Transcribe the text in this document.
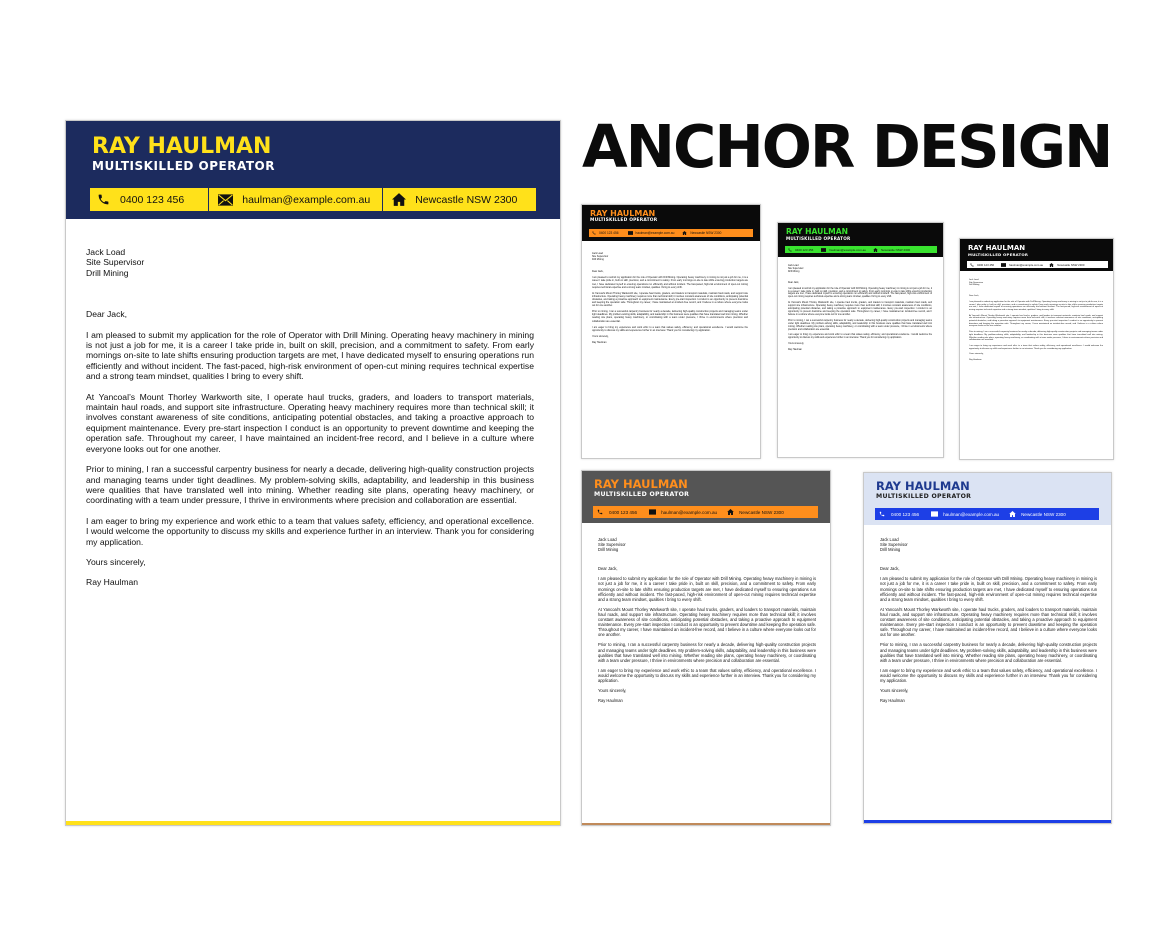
ANCHOR DESIGN
RAY HAULMAN
MULTISKILLED OPERATOR
0400 123 456	haulman@example.com.au	Newcastle NSW 2300

Jack Load

Site Supervisor

Drill Mining

Dear Jack,

I am pleased to submit my application for the role of Operator with Drill Mining. Operating heavy machinery in mining is not just a job for me, it is a career I take pride in, built on skill, precision, and a commitment to safety. From early mornings on-site to late shifts ensuring production targets are met, I have dedicated myself to ensuring operations run efficiently and without incident. The fast-paced, high-risk environment of open-cut mining requires technical expertise and a strong team mindset, qualities I bring to every shift.

At Yancoal’s Mount Thorley Warkworth site, I operate haul trucks, graders, and loaders to transport materials, maintain haul roads, and support site infrastructure. Operating heavy machinery requires more than technical skill; it involves constant awareness of site conditions, anticipating potential obstacles, and taking a proactive approach to equipment maintenance. Every pre-start inspection I conduct is an opportunity to prevent downtime and keeping the operation safe. Throughout my career, I have maintained an incident-free record, and I believe in a culture where everyone looks out for one another.

Prior to mining, I ran a successful carpentry business for nearly a decade, delivering high-quality construction projects and managing teams under tight deadlines. My problem-solving skills, adaptability, and leadership in this business were qualities that have translated well into mining. Whether reading site plans, operating heavy machinery, or coordinating with a team under pressure, I thrive in environments where precision and collaboration are essential.

I am eager to bring my experience and work ethic to a team that values safety, efficiency, and operational excellence. I would welcome the opportunity to discuss my skills and experience further in an interview. Thank you for considering my application.

Yours sincerely,

Ray Haulman

RAY HAULMAN
MULTISKILLED OPERATOR
0400 123 456	haulman@example.com.au	Newcastle NSW 2300

Jack Load

Site Supervisor

Drill Mining

Dear Jack,

I am pleased to submit my application for the role of Operator with Drill Mining. Operating heavy machinery in mining is not just a job for me, it is a career I take pride in, built on skill, precision, and a commitment to safety. From early mornings on-site to late shifts ensuring production targets are met, I have dedicated myself to ensuring operations run efficiently and without incident. The fast-paced, high-risk environment of open-cut mining requires technical expertise and a strong team mindset, qualities I bring to every shift.

At Yancoal’s Mount Thorley Warkworth site, I operate haul trucks, graders, and loaders to transport materials, maintain haul roads, and support site infrastructure. Operating heavy machinery requires more than technical skill; it involves constant awareness of site conditions, anticipating potential obstacles, and taking a proactive approach to equipment maintenance. Every pre-start inspection I conduct is an opportunity to prevent downtime and keeping the operation safe. Throughout my career, I have maintained an incident-free record, and I believe in a culture where everyone looks out for one another.

Prior to mining, I ran a successful carpentry business for nearly a decade, delivering high-quality construction projects and managing teams under tight deadlines. My problem-solving skills, adaptability, and leadership in this business were qualities that have translated well into mining. Whether reading site plans, operating heavy machinery, or coordinating with a team under pressure, I thrive in environments where precision and collaboration are essential.

I am eager to bring my experience and work ethic to a team that values safety, efficiency, and operational excellence. I would welcome the opportunity to discuss my skills and experience further in an interview. Thank you for considering my application.

Yours sincerely,

Ray Haulman

RAY HAULMAN
MULTISKILLED OPERATOR
0400 123 456	haulman@example.com.au	Newcastle NSW 2300

Jack Load

Site Supervisor

Drill Mining

Dear Jack,

I am pleased to submit my application for the role of Operator with Drill Mining. Operating heavy machinery in mining is not just a job for me, it is a career I take pride in, built on skill, precision, and a commitment to safety. From early mornings on-site to late shifts ensuring production targets are met, I have dedicated myself to ensuring operations run efficiently and without incident. The fast-paced, high-risk environment of open-cut mining requires technical expertise and a strong team mindset, qualities I bring to every shift.

At Yancoal’s Mount Thorley Warkworth site, I operate haul trucks, graders, and loaders to transport materials, maintain haul roads, and support site infrastructure. Operating heavy machinery requires more than technical skill; it involves constant awareness of site conditions, anticipating potential obstacles, and taking a proactive approach to equipment maintenance. Every pre-start inspection I conduct is an opportunity to prevent downtime and keeping the operation safe. Throughout my career, I have maintained an incident-free record, and I believe in a culture where everyone looks out for one another.

Prior to mining, I ran a successful carpentry business for nearly a decade, delivering high-quality construction projects and managing teams under tight deadlines. My problem-solving skills, adaptability, and leadership in this business were qualities that have translated well into mining. Whether reading site plans, operating heavy machinery, or coordinating with a team under pressure, I thrive in environments where precision and collaboration are essential.

I am eager to bring my experience and work ethic to a team that values safety, efficiency, and operational excellence. I would welcome the opportunity to discuss my skills and experience further in an interview. Thank you for considering my application.

Yours sincerely,

Ray Haulman

RAY HAULMAN
MULTISKILLED OPERATOR
0400 123 456	haulman@example.com.au	Newcastle NSW 2300

Jack Load

Site Supervisor

Drill Mining

Dear Jack,

I am pleased to submit my application for the role of Operator with Drill Mining. Operating heavy machinery in mining is not just a job for me, it is a career I take pride in, built on skill, precision, and a commitment to safety. From early mornings on-site to late shifts ensuring production targets are met, I have dedicated myself to ensuring operations run efficiently and without incident. The fast-paced, high-risk environment of open-cut mining requires technical expertise and a strong team mindset, qualities I bring to every shift.

At Yancoal’s Mount Thorley Warkworth site, I operate haul trucks, graders, and loaders to transport materials, maintain haul roads, and support site infrastructure. Operating heavy machinery requires more than technical skill; it involves constant awareness of site conditions, anticipating potential obstacles, and taking a proactive approach to equipment maintenance. Every pre-start inspection I conduct is an opportunity to prevent downtime and keeping the operation safe. Throughout my career, I have maintained an incident-free record, and I believe in a culture where everyone looks out for one another.

Prior to mining, I ran a successful carpentry business for nearly a decade, delivering high-quality construction projects and managing teams under tight deadlines. My problem-solving skills, adaptability, and leadership in this business were qualities that have translated well into mining. Whether reading site plans, operating heavy machinery, or coordinating with a team under pressure, I thrive in environments where precision and collaboration are essential.

I am eager to bring my experience and work ethic to a team that values safety, efficiency, and operational excellence. I would welcome the opportunity to discuss my skills and experience further in an interview. Thank you for considering my application.

Yours sincerely,

Ray Haulman

RAY HAULMAN
MULTISKILLED OPERATOR
0400 123 456	haulman@example.com.au	Newcastle NSW 2300

Jack Load

Site Supervisor

Drill Mining

Dear Jack,

I am pleased to submit my application for the role of Operator with Drill Mining. Operating heavy machinery in mining is not just a job for me, it is a career I take pride in, built on skill, precision, and a commitment to safety. From early mornings on-site to late shifts ensuring production targets are met, I have dedicated myself to ensuring operations run efficiently and without incident. The fast-paced, high-risk environment of open-cut mining requires technical expertise and a strong team mindset, qualities I bring to every shift.

At Yancoal’s Mount Thorley Warkworth site, I operate haul trucks, graders, and loaders to transport materials, maintain haul roads, and support site infrastructure. Operating heavy machinery requires more than technical skill; it involves constant awareness of site conditions, anticipating potential obstacles, and taking a proactive approach to equipment maintenance. Every pre-start inspection I conduct is an opportunity to prevent downtime and keeping the operation safe. Throughout my career, I have maintained an incident-free record, and I believe in a culture where everyone looks out for one another.

Prior to mining, I ran a successful carpentry business for nearly a decade, delivering high-quality construction projects and managing teams under tight deadlines. My problem-solving skills, adaptability, and leadership in this business were qualities that have translated well into mining. Whether reading site plans, operating heavy machinery, or coordinating with a team under pressure, I thrive in environments where precision and collaboration are essential.

I am eager to bring my experience and work ethic to a team that values safety, efficiency, and operational excellence. I would welcome the opportunity to discuss my skills and experience further in an interview. Thank you for considering my application.

Yours sincerely,

Ray Haulman

RAY HAULMAN
MULTISKILLED OPERATOR
0400 123 456	haulman@example.com.au	Newcastle NSW 2300

Jack Load

Site Supervisor

Drill Mining

Dear Jack,

I am pleased to submit my application for the role of Operator with Drill Mining. Operating heavy machinery in mining is not just a job for me, it is a career I take pride in, built on skill, precision, and a commitment to safety. From early mornings on-site to late shifts ensuring production targets are met, I have dedicated myself to ensuring operations run efficiently and without incident. The fast-paced, high-risk environment of open-cut mining requires technical expertise and a strong team mindset, qualities I bring to every shift.

At Yancoal’s Mount Thorley Warkworth site, I operate haul trucks, graders, and loaders to transport materials, maintain haul roads, and support site infrastructure. Operating heavy machinery requires more than technical skill; it involves constant awareness of site conditions, anticipating potential obstacles, and taking a proactive approach to equipment maintenance. Every pre-start inspection I conduct is an opportunity to prevent downtime and keeping the operation safe. Throughout my career, I have maintained an incident-free record, and I believe in a culture where everyone looks out for one another.

Prior to mining, I ran a successful carpentry business for nearly a decade, delivering high-quality construction projects and managing teams under tight deadlines. My problem-solving skills, adaptability, and leadership in this business were qualities that have translated well into mining. Whether reading site plans, operating heavy machinery, or coordinating with a team under pressure, I thrive in environments where precision and collaboration are essential.

I am eager to bring my experience and work ethic to a team that values safety, efficiency, and operational excellence. I would welcome the opportunity to discuss my skills and experience further in an interview. Thank you for considering my application.

Yours sincerely,

Ray Haulman
